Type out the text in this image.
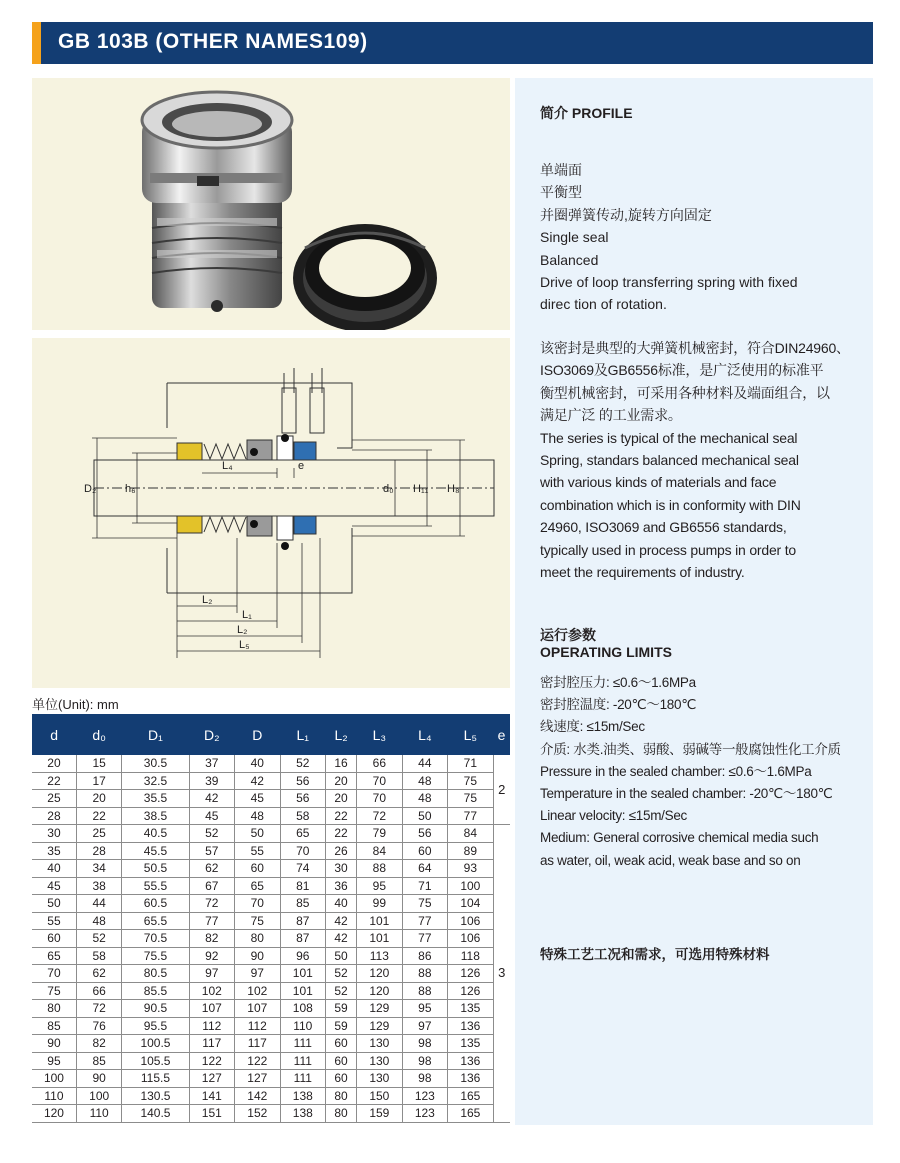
GB 103B (OTHER NAMES109)
D₂	h₆
L₄	e
d₀ H₁₁ H₈
L₂
L₁
L₂
L₅
简介 PROFILE
单端面
平衡型
并圈弹簧传动,旋转方向固定
Single seal
Balanced
Drive of loop transferring spring with fixed
direc tion of rotation.
该密封是典型的大弹簧机械密封，符合DIN24960、
ISO3069及GB6556标准，是广泛使用的标准平
衡型机械密封，可采用各种材料及端面组合，以
满足广泛 的工业需求。
The series is typical of the mechanical seal
Spring, standars balanced mechanical seal
with various kinds of materials and face
combination which is in conformity with DIN
24960, ISO3069 and GB6556 standards,
typically used in process pumps in order to
meet the requirements of industry.
运行参数
OPERATING LIMITS
密封腔压力: ≤0.6～1.6MPa
密封腔温度: -20℃～180℃
线速度: ≤15m/Sec
介质: 水类.油类、弱酸、弱碱等一般腐蚀性化工介质
Pressure in the sealed chamber: ≤0.6～1.6MPa
Temperature in the sealed chamber: -20℃～180℃
Linear velocity: ≤15m/Sec
Medium: General corrosive chemical media such
as water, oil, weak acid, weak base and so on
特殊工艺工况和需求，可选用特殊材料
单位(Unit): mm
d	d₀	D₁	D₂	D	L₁	L₂	L₃	L₄	L₅	e
20	15	30.5	37	40	52	16	66	44	71	2
22	17	32.5	39	42	56	20	70	48	75	
25	20	35.5	42	45	56	20	70	48	75	
28	22	38.5	45	48	58	22	72	50	77	
30	25	40.5	52	50	65	22	79	56	84	3
35	28	45.5	57	55	70	26	84	60	89	
40	34	50.5	62	60	74	30	88	64	93	
45	38	55.5	67	65	81	36	95	71	100	
50	44	60.5	72	70	85	40	99	75	104	
55	48	65.5	77	75	87	42	101	77	106	
60	52	70.5	82	80	87	42	101	77	106	
65	58	75.5	92	90	96	50	113	86	118	
70	62	80.5	97	97	101	52	120	88	126	
75	66	85.5	102	102	101	52	120	88	126	
80	72	90.5	107	107	108	59	129	95	135	
85	76	95.5	112	112	110	59	129	97	136	
90	82	100.5	117	117	111	60	130	98	135	
95	85	105.5	122	122	111	60	130	98	136	
100	90	115.5	127	127	111	60	130	98	136	
110	100	130.5	141	142	138	80	150	123	165	
120	110	140.5	151	152	138	80	159	123	165	
